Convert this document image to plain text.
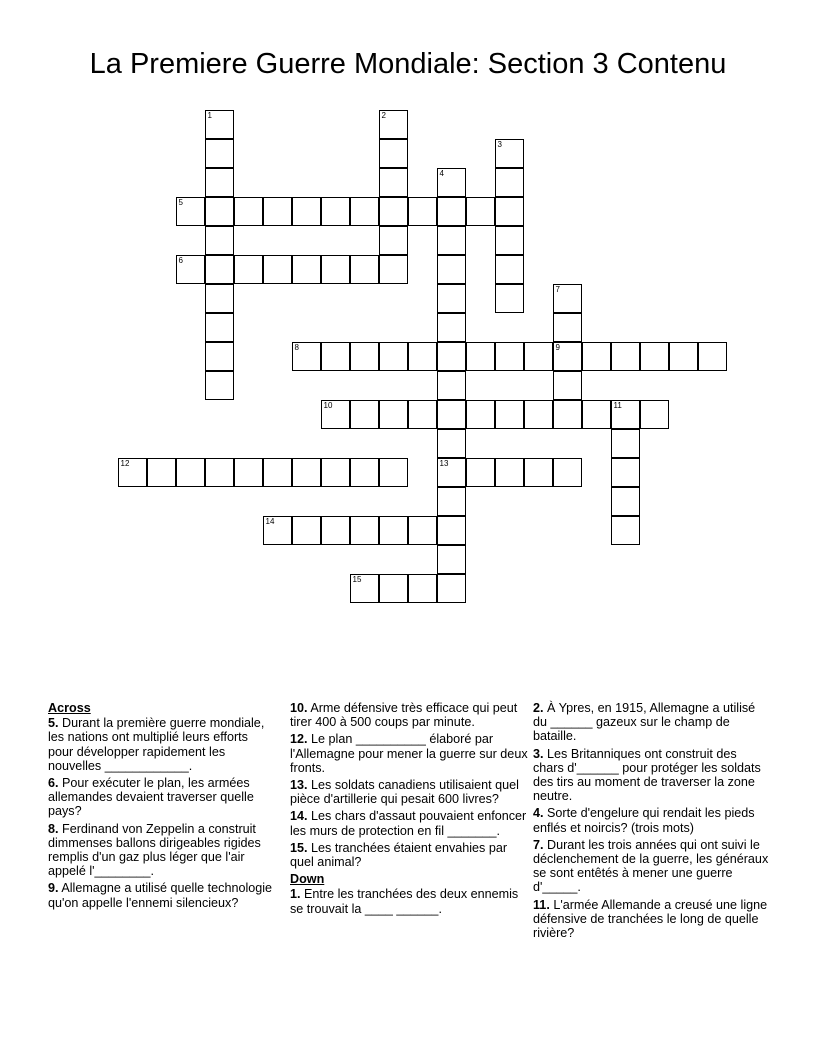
La Premiere Guerre Mondiale: Section 3 Contenu
1	2
3
4
13
5
6
7
9
8
10	11
12
14
15
Across
5. Durant la première guerre mondiale, les nations ont multiplié leurs efforts pour développer rapidement les nouvelles ____________.
6. Pour exécuter le plan, les armées allemandes devaient traverser quelle pays?
8. Ferdinand von Zeppelin a construit dimmenses ballons dirigeables rigides remplis d'un gaz plus léger que l'air appelé l'________.
9. Allemagne a utilisé quelle technologie qu'on appelle l'ennemi silencieux?
10. Arme défensive très efficace qui peut tirer 400 à 500 coups par minute.
12. Le plan __________ élaboré par l'Allemagne pour mener la guerre sur deux fronts.
13. Les soldats canadiens utilisaient quel pièce d'artillerie qui pesait 600 livres?
14. Les chars d'assaut pouvaient enfoncer les murs de protection en fil _______.
15. Les tranchées étaient envahies par quel animal?
Down
1. Entre les tranchées des deux ennemis se trouvait la ____ ______.
2. À Ypres, en 1915, Allemagne a utilisé du ______ gazeux sur le champ de bataille.
3. Les Britanniques ont construit des chars d'______ pour protéger les soldats des tirs au moment de traverser la zone neutre.
4. Sorte d'engelure qui rendait les pieds enflés et noircis? (trois mots)
7. Durant les trois années qui ont suivi le déclenchement de la guerre, les généraux se sont entêtés à mener une guerre d'_____.
11. L'armée Allemande a creusé une ligne défensive de tranchées le long de quelle rivière?
